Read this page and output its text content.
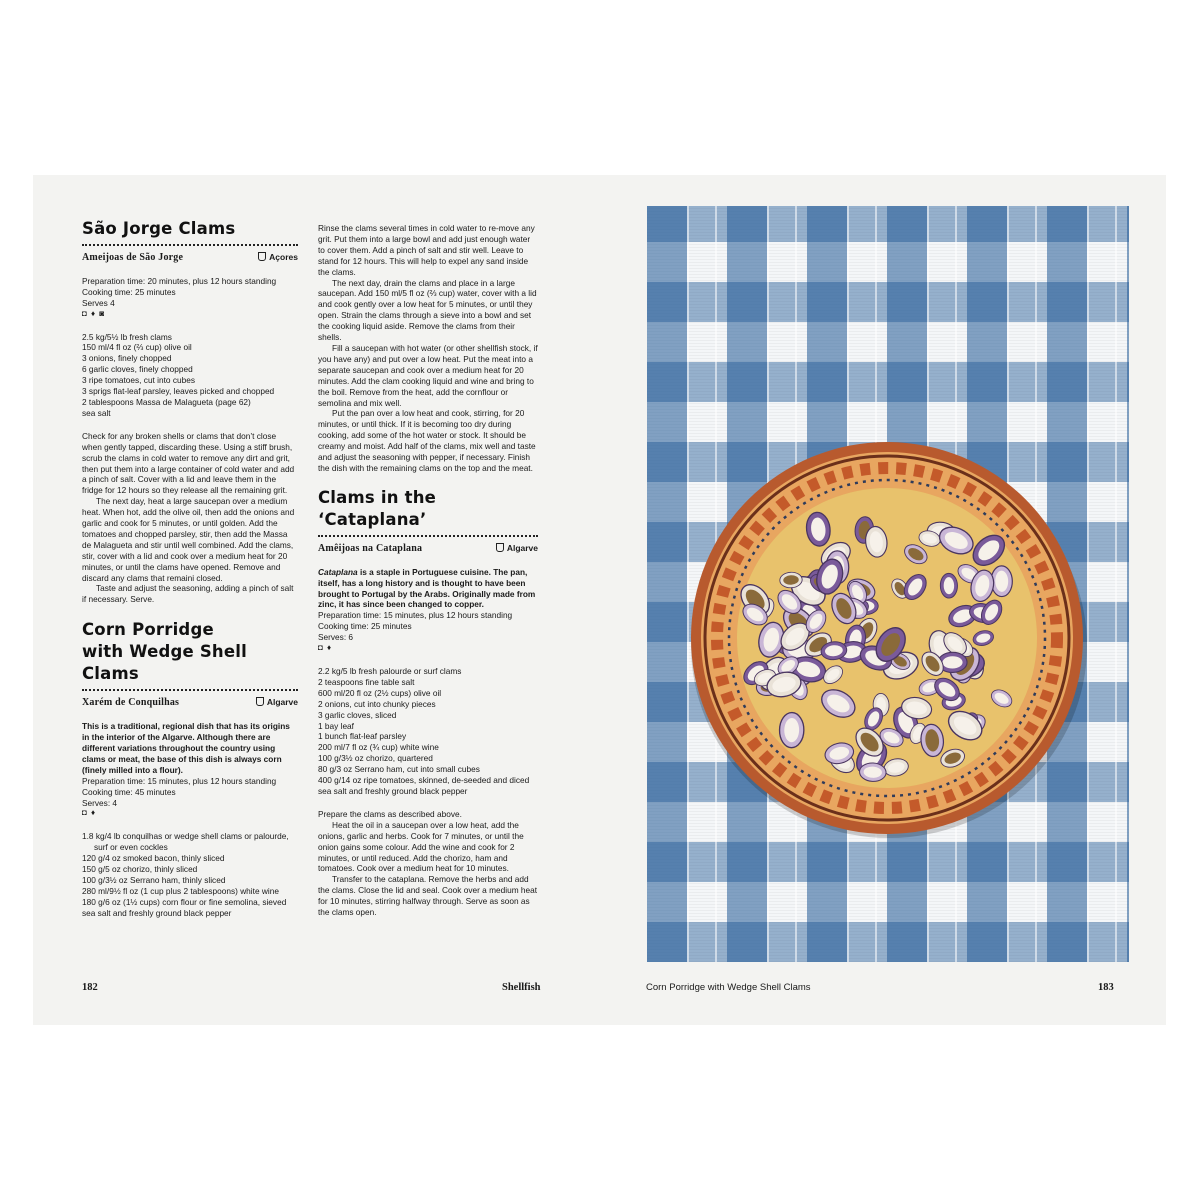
São Jorge Clams
Ameijoas de São Jorge	Açores

Preparation time: 20 minutes, plus 12 hours standing

Cooking time: 25 minutes

Serves 4

◘ ♦ ◙

2.5 kg/5½ lb fresh clams

150 ml/4 fl oz (⅔ cup) olive oil

3 onions, finely chopped

6 garlic cloves, finely chopped

3 ripe tomatoes, cut into cubes

3 sprigs flat-leaf parsley, leaves picked and chopped

2 tablespoons Massa de Malagueta (page 62)

sea salt

Check for any broken shells or clams that don’t close when gently tapped, discarding these. Using a stiff brush, scrub the clams in cold water to remove any dirt and grit, then put them into a large container of cold water and add a pinch of salt. Cover with a lid and leave them in the fridge for 12 hours so they release all the remaining grit.

The next day, heat a large saucepan over a medium heat. When hot, add the olive oil, then add the onions and garlic and cook for 5 minutes, or until golden. Add the tomatoes and chopped parsley, stir, then add the Massa de Malagueta and stir until well combined. Add the clams, stir, cover with a lid and cook over a medium heat for 20 minutes, or until the clams have opened. Remove and discard any clams that remaini closed.

Taste and adjust the seasoning, adding a pinch of salt if necessary. Serve.

Corn Porridge
with Wedge Shell Clams
Xarém de Conquilhas	Algarve

This is a traditional, regional dish that has its origins in the interior of the Algarve. Although there are different variations throughout the country using clams or meat, the base of this dish is always corn (finely milled into a flour).

Preparation time: 15 minutes, plus 12 hours standing

Cooking time: 45 minutes

Serves: 4

◘ ♦

1.8 kg/4 lb conquilhas or wedge shell clams or palourde,

surf or even cockles

120 g/4 oz smoked bacon, thinly sliced

150 g/5 oz chorizo, thinly sliced

100 g/3½ oz Serrano ham, thinly sliced

280 ml/9½ fl oz (1 cup plus 2 tablespoons) white wine

180 g/6 oz (1½ cups) corn flour or fine semolina, sieved

sea salt and freshly ground black pepper

Rinse the clams several times in cold water to re-move any grit. Put them into a large bowl and add just enough water to cover them. Add a pinch of salt and stir well. Leave to stand for 12 hours. This will help to expel any sand inside the clams.

The next day, drain the clams and place in a large saucepan. Add 150 ml/5 fl oz (⅔ cup) water, cover with a lid and cook gently over a low heat for 5 minutes, or until they open. Strain the clams through a sieve into a bowl and set the cooking liquid aside. Remove the clams from their shells.

Fill a saucepan with hot water (or other shellfish stock, if you have any) and put over a low heat. Put the meat into a separate saucepan and cook over a medium heat for 20 minutes. Add the clam cooking liquid and wine and bring to the boil. Remove from the heat, add the cornflour or semolina and mix well.

Put the pan over a low heat and cook, stirring, for 20 minutes, or until thick. If it is becoming too dry during cooking, add some of the hot water or stock. It should be creamy and moist. Add half of the clams, mix well and taste and adjust the seasoning with pepper, if necessary. Finish the dish with the remaining clams on the top and the meat.

Clams in the ‘Cataplana’
Amêijoas na Cataplana	Algarve

Cataplana is a staple in Portuguese cuisine. The pan, itself, has a long history and is thought to have been brought to Portugal by the Arabs. Originally made from zinc, it has since been changed to copper.

Preparation time: 15 minutes, plus 12 hours standing

Cooking time: 25 minutes

Serves: 6

◘ ♦

2.2 kg/5 lb fresh palourde or surf clams

2 teaspoons fine table salt

600 ml/20 fl oz (2½ cups) olive oil

2 onions, cut into chunky pieces

3 garlic cloves, sliced

1 bay leaf

1 bunch flat-leaf parsley

200 ml/7 fl oz (¾ cup) white wine

100 g/3½ oz chorizo, quartered

80 g/3 oz Serrano ham, cut into small cubes

400 g/14 oz ripe tomatoes, skinned, de-seeded and diced

sea salt and freshly ground black pepper

Prepare the clams as described above.

Heat the oil in a saucepan over a low heat, add the onions, garlic and herbs. Cook for 7 minutes, or until the onion gains some colour. Add the wine and cook for 2 minutes, or until reduced. Add the chorizo, ham and tomatoes. Cook over a medium heat for 10 minutes.

Transfer to the cataplana. Remove the herbs and add the clams. Close the lid and seal. Cook over a medium heat for 10 minutes, stirring halfway through. Serve as soon as the clams open.

182	Shellfish	Corn Porridge with Wedge Shell Clams	183
